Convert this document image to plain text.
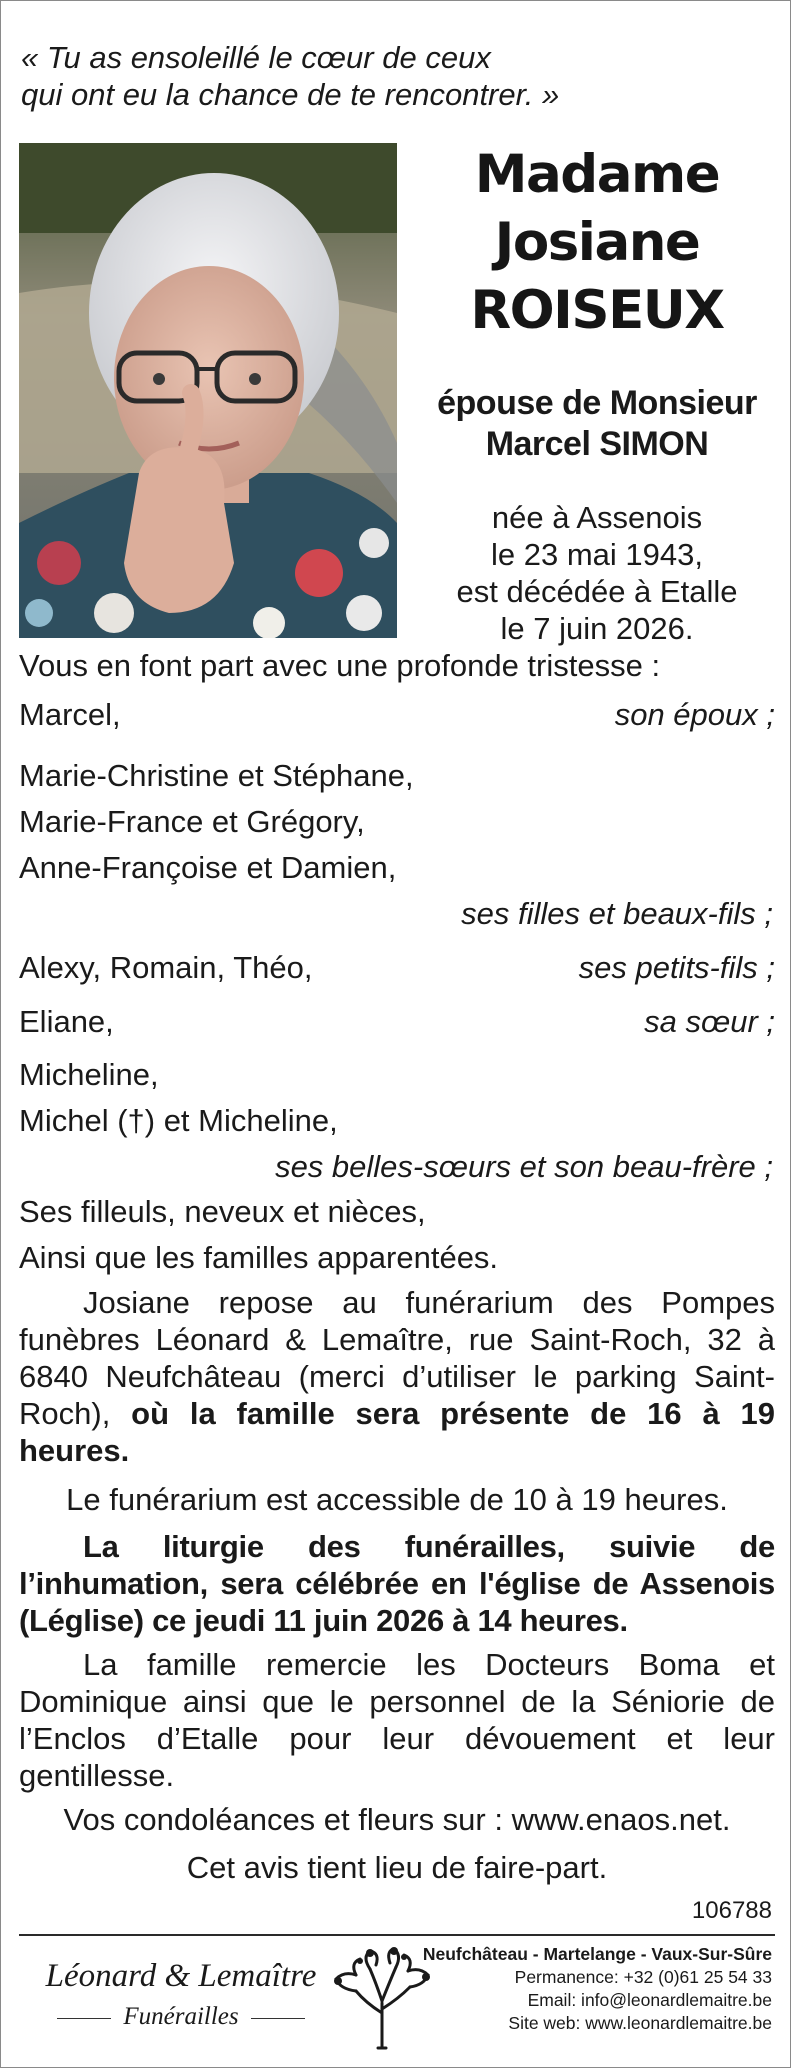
« Tu as ensoleillé le cœur de ceux
qui ont eu la chance de te rencontrer. »
Madame
Josiane
ROISEUX
épouse de Monsieur
Marcel SIMON
née à Assenois
le 23 mai 1943,
est décédée à Etalle
le 7 juin 2026.
Vous en font part avec une profonde tristesse :
Marcel,	son époux ;
Marie-Christine et Stéphane,
Marie-France et Grégory,
Anne-Françoise et Damien,
ses filles et beaux-fils ;
Alexy, Romain, Théo,	ses petits-fils ;
Eliane,	sa sœur ;
Micheline,
Michel (†) et Micheline,
ses belles-sœurs et son beau-frère ;
Ses filleuls, neveux et nièces,
Ainsi que les familles apparentées.
Josiane repose au funérarium des Pompes funèbres Léonard & Lemaître, rue Saint-Roch, 32 à 6840 Neufchâteau (merci d’utiliser le parking Saint-Roch), où la famille sera présente de 16 à 19 heures.
Le funérarium est accessible de 10 à 19 heures.
La liturgie des funérailles, suivie de l’inhumation, sera célébrée en l'église de Assenois (Léglise) ce jeudi 11 juin 2026 à 14 heures.
La famille remercie les Docteurs Boma et Dominique ainsi que le personnel de la Séniorie de l’Enclos d’Etalle pour leur dévouement et leur gentillesse.
Vos condoléances et fleurs sur : www.enaos.net.
Cet avis tient lieu de faire-part.
106788
Léonard & Lemaître
Funérailles
Neufchâteau - Martelange - Vaux-Sur-Sûre
Permanence: +32 (0)61 25 54 33
Email: info@leonardlemaitre.be
Site web: www.leonardlemaitre.be
